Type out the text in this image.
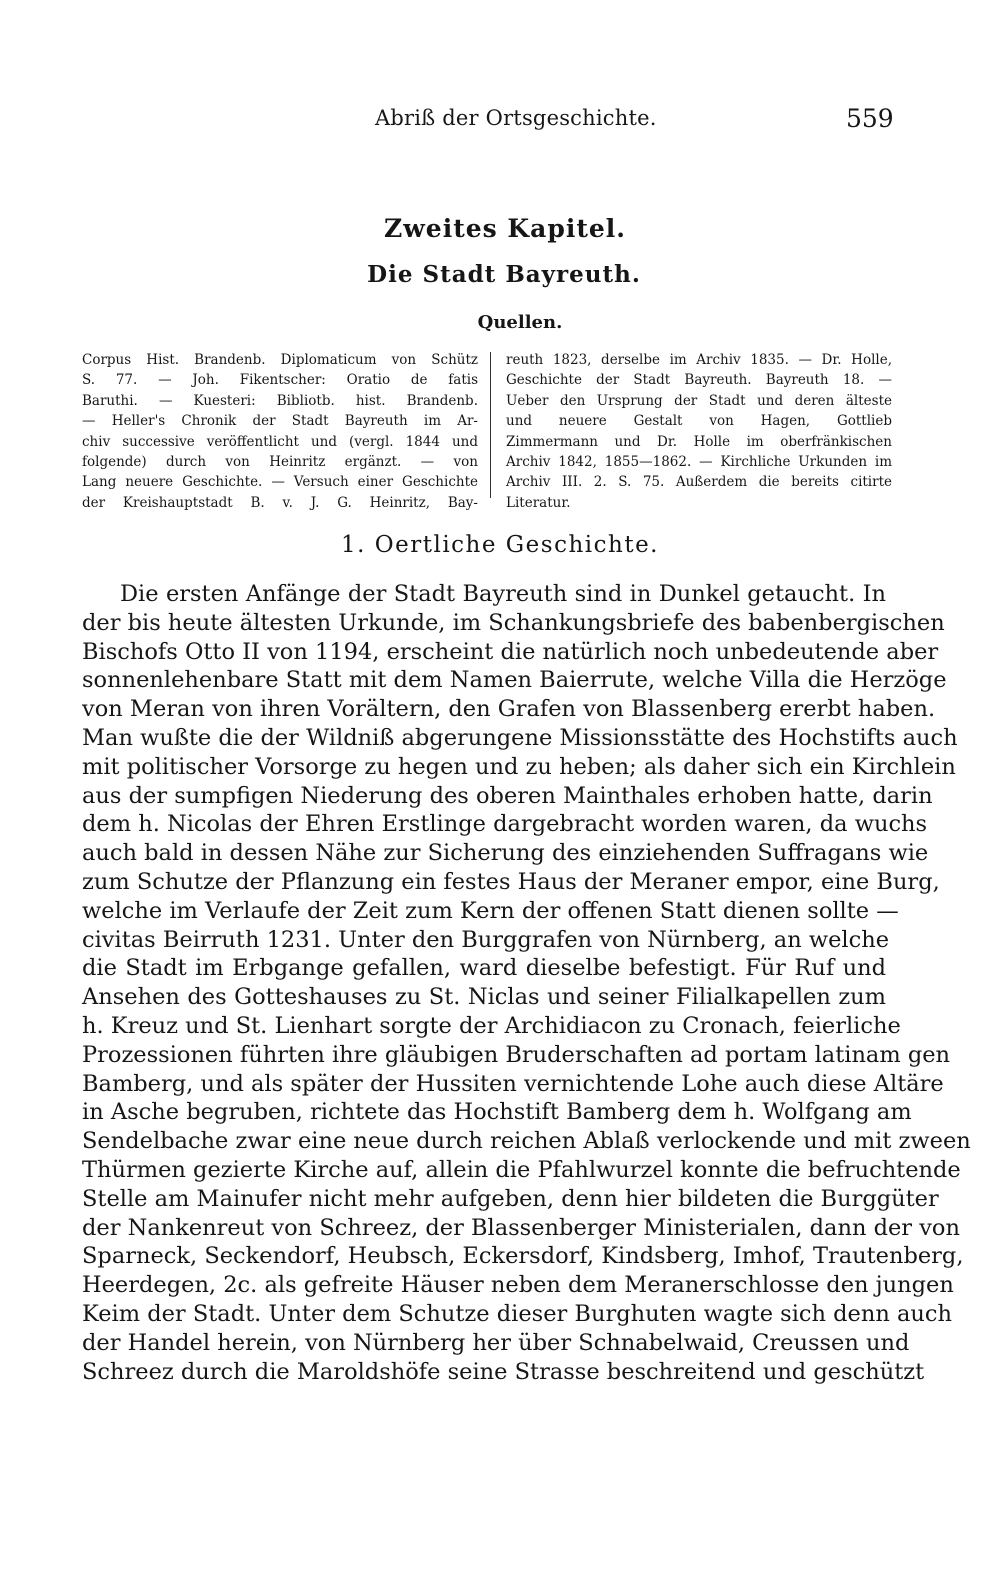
Abriß der Ortsgeschichte.	559
Zweites Kapitel.
Die Stadt Bayreuth.
Quellen.
Corpus Hist. Brandenb. Diplomaticum von Schütz
S. 77. — Joh. Fikentscher: Oratio de fatis
Baruthi. — Kuesteri: Bibliotb. hist. Brandenb.
— Heller's Chronik der Stadt Bayreuth im Ar-
chiv successive veröffentlicht und (vergl. 1844 und
folgende) durch von Heinritz ergänzt. — von
Lang neuere Geschichte. — Versuch einer Geschichte
der Kreishauptstadt B. v. J. G. Heinritz, Bay-
reuth 1823, derselbe im Archiv 1835. — Dr. Holle,
Geschichte der Stadt Bayreuth. Bayreuth 18. —
Ueber den Ursprung der Stadt und deren älteste
und neuere Gestalt von Hagen, Gottlieb
Zimmermann und Dr. Holle im oberfränkischen
Archiv 1842, 1855—1862. — Kirchliche Urkunden im
Archiv III. 2. S. 75. Außerdem die bereits citirte
Literatur.
1. Oertliche Geschichte.
Die ersten Anfänge der Stadt Bayreuth sind in Dunkel getaucht. In
der bis heute ältesten Urkunde, im Schankungsbriefe des babenbergischen
Bischofs Otto II von 1194, erscheint die natürlich noch unbedeutende aber
sonnenlehenbare Statt mit dem Namen Baierrute, welche Villa die Herzöge
von Meran von ihren Vorältern, den Grafen von Blassenberg ererbt haben.
Man wußte die der Wildniß abgerungene Missionsstätte des Hochstifts auch
mit politischer Vorsorge zu hegen und zu heben; als daher sich ein Kirchlein
aus der sumpfigen Niederung des oberen Mainthales erhoben hatte, darin
dem h. Nicolas der Ehren Erstlinge dargebracht worden waren, da wuchs
auch bald in dessen Nähe zur Sicherung des einziehenden Suffragans wie
zum Schutze der Pflanzung ein festes Haus der Meraner empor, eine Burg,
welche im Verlaufe der Zeit zum Kern der offenen Statt dienen sollte —
civitas Beirruth 1231. Unter den Burggrafen von Nürnberg, an welche
die Stadt im Erbgange gefallen, ward dieselbe befestigt. Für Ruf und
Ansehen des Gotteshauses zu St. Niclas und seiner Filialkapellen zum
h. Kreuz und St. Lienhart sorgte der Archidiacon zu Cronach, feierliche
Prozessionen führten ihre gläubigen Bruderschaften ad portam latinam gen
Bamberg, und als später der Hussiten vernichtende Lohe auch diese Altäre
in Asche begruben, richtete das Hochstift Bamberg dem h. Wolfgang am
Sendelbache zwar eine neue durch reichen Ablaß verlockende und mit zween
Thürmen gezierte Kirche auf, allein die Pfahlwurzel konnte die befruchtende
Stelle am Mainufer nicht mehr aufgeben, denn hier bildeten die Burggüter
der Nankenreut von Schreez, der Blassenberger Ministerialen, dann der von
Sparneck, Seckendorf, Heubsch, Eckersdorf, Kindsberg, Imhof, Trautenberg,
Heerdegen, 2c. als gefreite Häuser neben dem Meranerschlosse den jungen
Keim der Stadt. Unter dem Schutze dieser Burghuten wagte sich denn auch
der Handel herein, von Nürnberg her über Schnabelwaid, Creussen und
Schreez durch die Maroldshöfe seine Strasse beschreitend und geschützt
